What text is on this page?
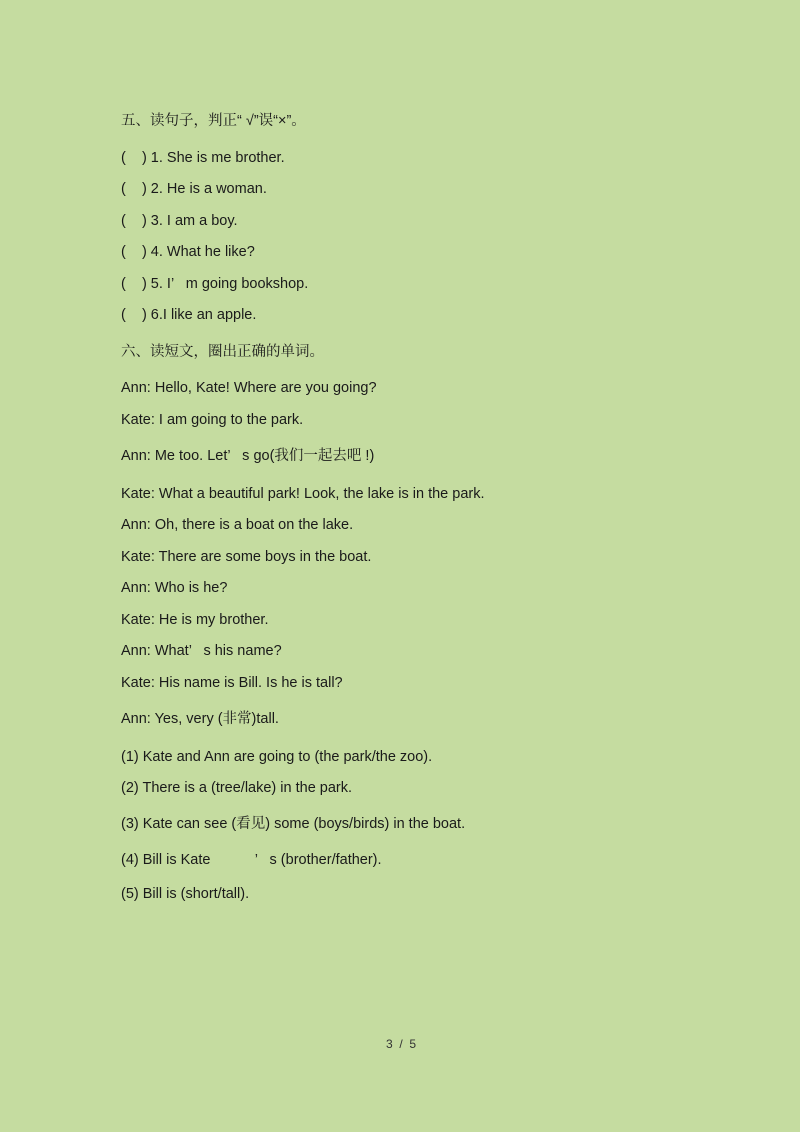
五、读句子，判正“ √”误“×”。
(    ) 1. She is me brother.
(    ) 2. He is a woman.
(    ) 3. I am a boy.
(    ) 4. What he like?
(    ) 5. I’   m going bookshop.
(    ) 6.I like an apple.
六、读短文，圈出正确的单词。
Ann: Hello, Kate! Where are you going?
Kate: I am going to the park.
Ann: Me too. Let’   s go(我们一起去吧 !)
Kate: What a beautiful park! Look, the lake is in the park.
Ann: Oh, there is a boat on the lake.
Kate: There are some boys in the boat.
Ann: Who is he?
Kate: He is my brother.
Ann: What’   s his name?
Kate: His name is Bill. Is he is tall?
Ann: Yes, very (非常)tall.
(1) Kate and Ann are going to (the park/the zoo).
(2) There is a (tree/lake) in the park.
(3) Kate can see (看见) some (boys/birds) in the boat.
(4) Bill is Kate           ’   s (brother/father).
(5) Bill is (short/tall).
3  /  5
